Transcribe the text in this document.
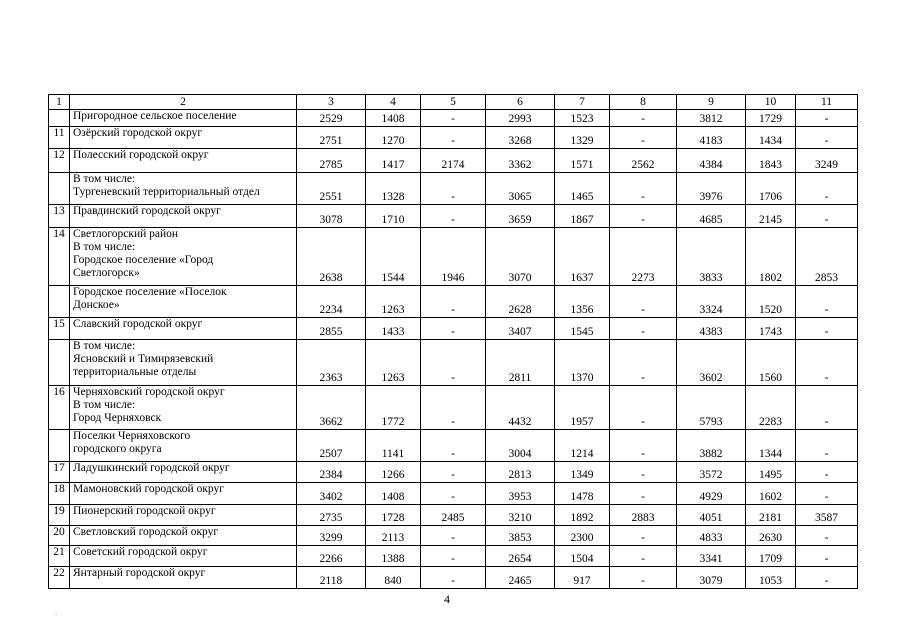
1	2	3	4	5	6	7	8	9	10	11
	Пригородное сельское поселение	2529	1408	-	2993	1523	-	3812	1729	-
11	Озёрский городской округ	2751	1270	-	3268	1329	-	4183	1434	-
12	Полесский городской округ	2785	1417	2174	3362	1571	2562	4384	1843	3249
	В том числе:
Тургеневский территориальный отдел	2551	1328	-	3065	1465	-	3976	1706	-
13	Правдинский городской округ	3078	1710	-	3659	1867	-	4685	2145	-
14	Светлогорский район
В том числе:
Городское поселение «Город
Светлогорск»	2638	1544	1946	3070	1637	2273	3833	1802	2853
	Городское поселение «Поселок
Донское»	2234	1263	-	2628	1356	-	3324	1520	-
15	Славский городской округ	2855	1433	-	3407	1545	-	4383	1743	-
	В том числе:
Ясновский и Тимирязевский
территориальные отделы	2363	1263	-	2811	1370	-	3602	1560	-
16	Черняховский городской округ
В том числе:
Город Черняховск	3662	1772	-	4432	1957	-	5793	2283	-
	Поселки Черняховского
городского округа	2507	1141	-	3004	1214	-	3882	1344	-
17	Ладушкинский городской округ	2384	1266	-	2813	1349	-	3572	1495	-
18	Мамоновский городской округ	3402	1408	-	3953	1478	-	4929	1602	-
19	Пионерский городской округ	2735	1728	2485	3210	1892	2883	4051	2181	3587
20	Светловский городской округ	3299	2113	-	3853	2300	-	4833	2630	-
21	Советский городской округ	2266	1388	-	2654	1504	-	3341	1709	-
22	Янтарный городской округ	2118	840	-	2465	917	-	3079	1053	-
4
.
